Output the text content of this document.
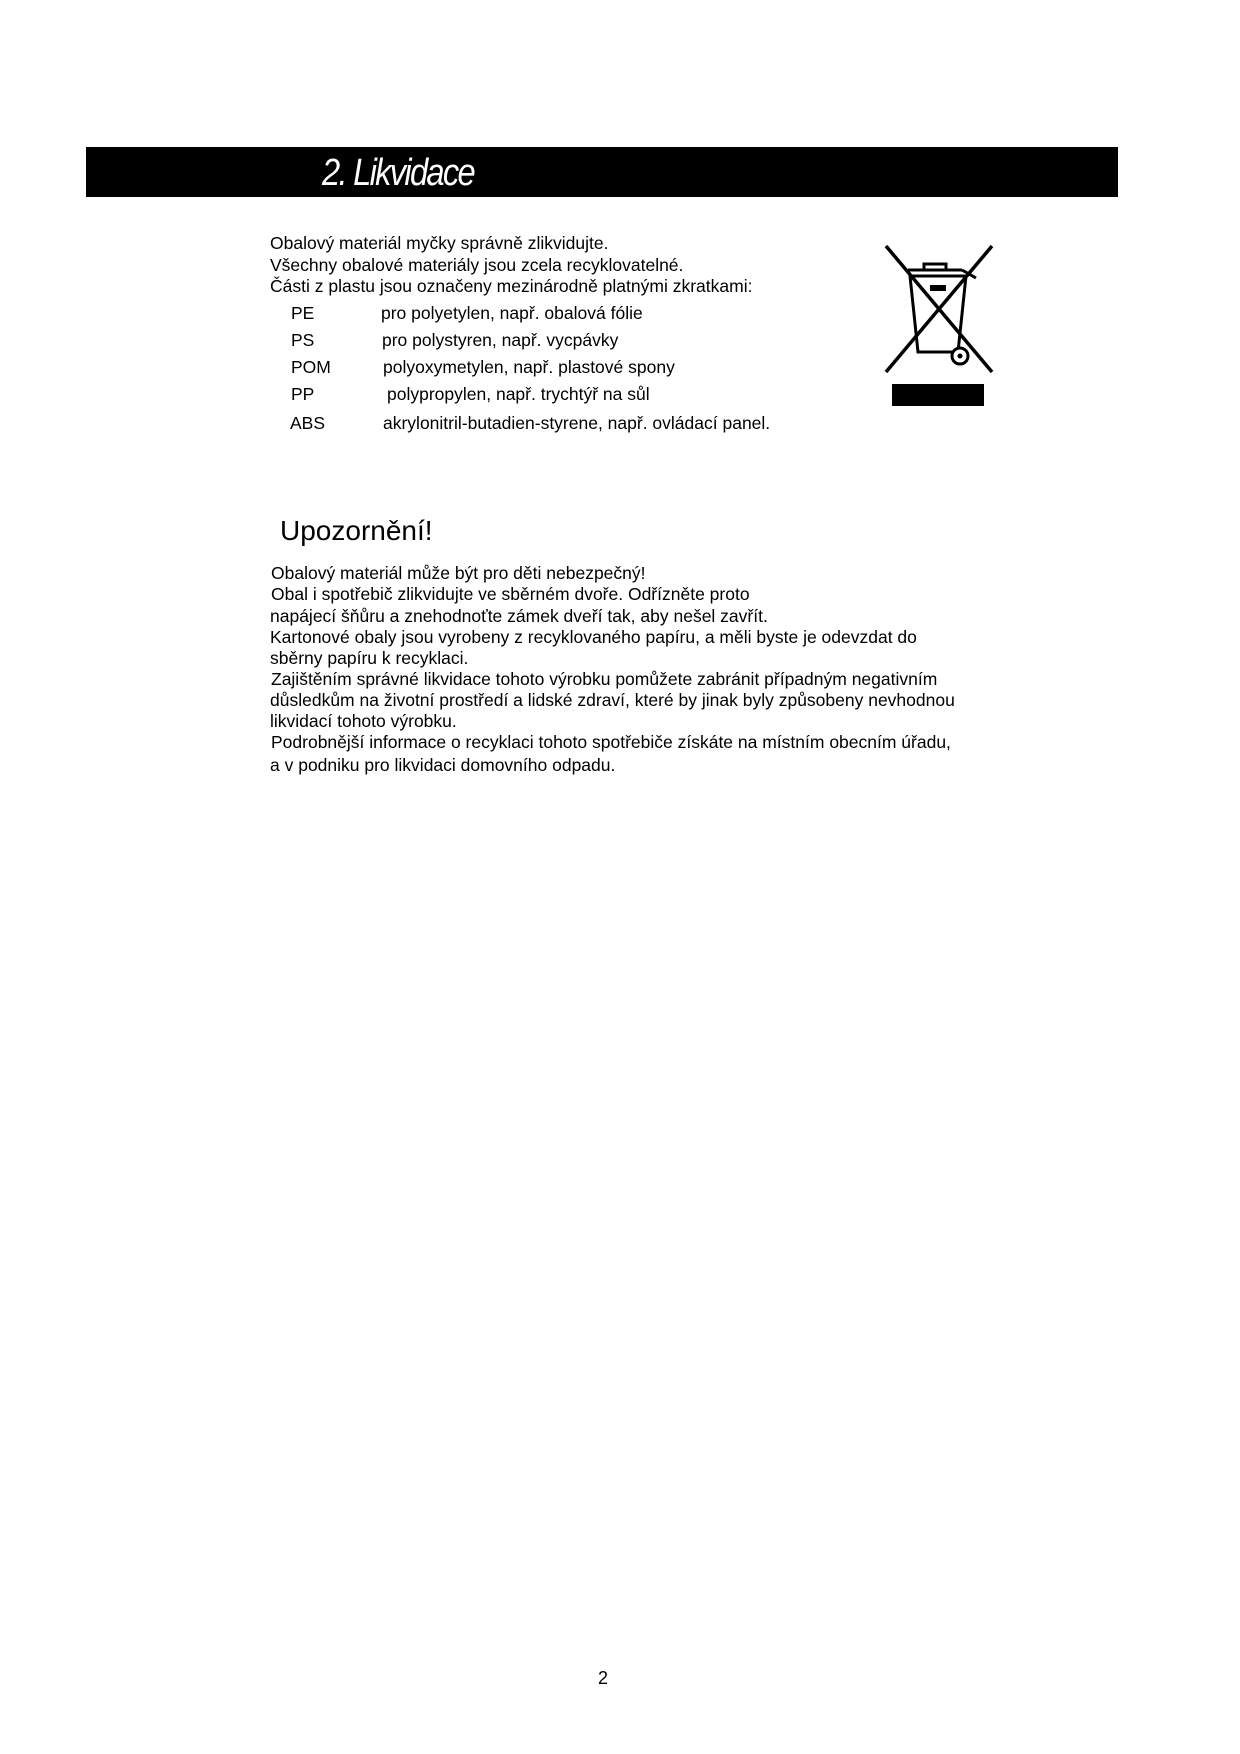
2. Likvidace
Obalový materiál myčky správně zlikvidujte.
Všechny obalové materiály jsou zcela recyklovatelné.
Části z plastu jsou označeny mezinárodně platnými zkratkami:
PE	pro polyetylen, např. obalová fólie
PS	pro polystyren, např. vycpávky
POM	polyoxymetylen, např. plastové spony
PP	polypropylen, např. trychtýř na sůl
ABS	akrylonitril-butadien-styrene, např. ovládací panel.
Upozornění!
Obalový materiál může být pro děti nebezpečný!
Obal i spotřebič zlikvidujte ve sběrném dvoře. Odřízněte proto
napájecí šňůru a znehodnoťte zámek dveří tak, aby nešel zavřít.
Kartonové obaly jsou vyrobeny z recyklovaného papíru, a měli byste je odevzdat do
sběrny papíru k recyklaci.
Zajištěním správné likvidace tohoto výrobku pomůžete zabránit případným negativním
důsledkům na životní prostředí a lidské zdraví, které by jinak byly způsobeny nevhodnou
likvidací tohoto výrobku.
Podrobnější informace o recyklaci tohoto spotřebiče získáte na místním obecním úřadu,
a v podniku pro likvidaci domovního odpadu.
2
